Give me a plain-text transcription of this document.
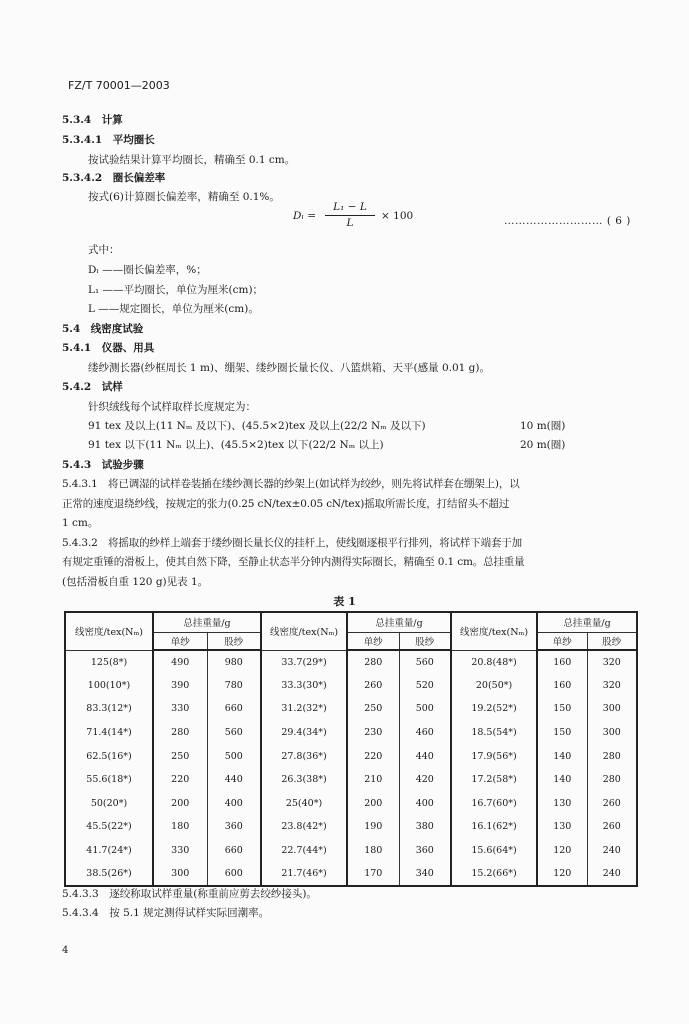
FZ/T 70001—2003
5.3.4　计算
5.3.4.1　平均圈长
按试验结果计算平均圈长，精确至 0.1 cm。
5.3.4.2　圈长偏差率
按式(6)计算圈长偏差率，精确至 0.1%。
$D_l = \frac{\text{L₁ − L}}{L} \times 100$	……………………… ( 6 )
式中：
Dₗ ——圈长偏差率，%；
L₁ ——平均圈长，单位为厘米(cm)；
L ——规定圈长，单位为厘米(cm)。
5.4　线密度试验
5.4.1　仪器、用具
缕纱测长器(纱框周长 1 m)、绷架、缕纱圈长量长仪、八篮烘箱、天平(感量 0.01 g)。
5.4.2　试样
针织绒线每个试样取样长度规定为：
91 tex 及以上(11 Nₘ 及以下)、(45.5×2)tex 及以上(22/2 Nₘ 及以下)	10 m(圈)
91 tex 以下(11 Nₘ 以上)、(45.5×2)tex 以下(22/2 Nₘ 以上)	20 m(圈)
5.4.3　试验步骤
5.4.3.1　将已调湿的试样卷装插在缕纱测长器的纱架上(如试样为绞纱，则先将试样套在绷架上)，以
正常的速度退绕纱线，按规定的张力(0.25 cN/tex±0.05 cN/tex)摇取所需长度，打结留头不超过
1 cm。
5.4.3.2　将摇取的纱样上端套于缕纱圈长量长仪的挂杆上，使线圈逐根平行排列，将试样下端套于加
有规定重锤的滑板上，使其自然下降，至静止状态半分钟内测得实际圈长，精确至 0.1 cm。总挂重量
(包括滑板自重 120 g)见表 1。
表 1
线密度/tex(Nₘ)	总挂重量/g		线密度/tex(Nₘ)	总挂重量/g		线密度/tex(Nₘ)	总挂重量/g	
	单纱	股纱		单纱	股纱		单纱	股纱
125(8*)	490	980	33.7(29*)	280	560	20.8(48*)	160	320
100(10*)	390	780	33.3(30*)	260	520	20(50*)	160	320
83.3(12*)	330	660	31.2(32*)	250	500	19.2(52*)	150	300
71.4(14*)	280	560	29.4(34*)	230	460	18.5(54*)	150	300
62.5(16*)	250	500	27.8(36*)	220	440	17.9(56*)	140	280
55.6(18*)	220	440	26.3(38*)	210	420	17.2(58*)	140	280
50(20*)	200	400	25(40*)	200	400	16.7(60*)	130	260
45.5(22*)	180	360	23.8(42*)	190	380	16.1(62*)	130	260
41.7(24*)	330	660	22.7(44*)	180	360	15.6(64*)	120	240
38.5(26*)	300	600	21.7(46*)	170	340	15.2(66*)	120	240
5.4.3.3　逐绞称取试样重量(称重前应剪去绞纱接头)。
5.4.3.4　按 5.1 规定测得试样实际回潮率。
4
